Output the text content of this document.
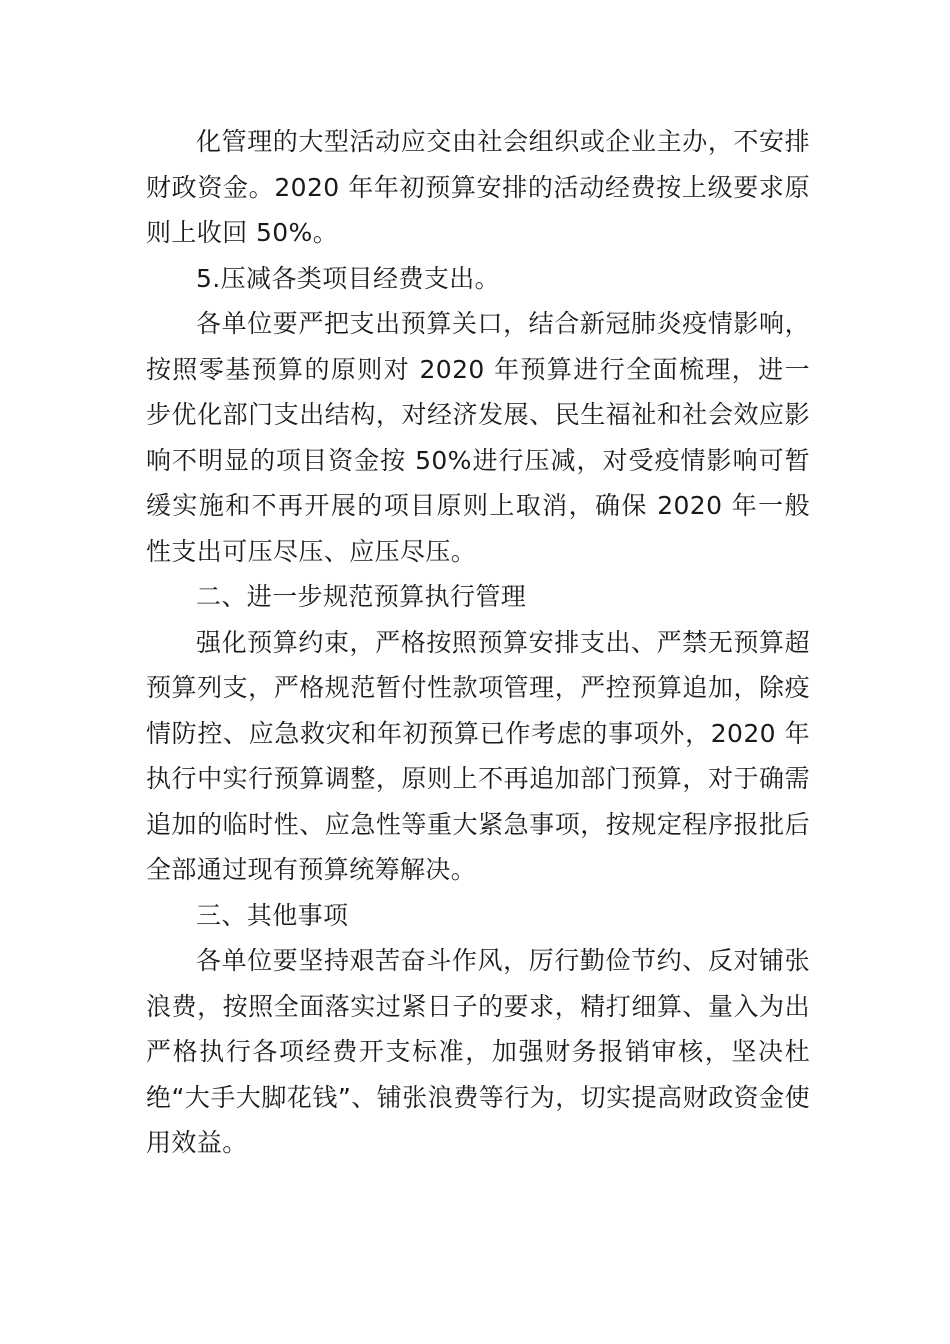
化管理的大型活动应交由社会组织或企业主办，不安排财政资金。2020 年年初预算安排的活动经费按上级要求原则上收回 50%。

5.压减各类项目经费支出。

各单位要严把支出预算关口，结合新冠肺炎疫情影响，按照零基预算的原则对 2020 年预算进行全面梳理，进一步优化部门支出结构，对经济发展、民生福祉和社会效应影响不明显的项目资金按 50%进行压减，对受疫情影响可暂缓实施和不再开展的项目原则上取消，确保 2020 年一般性支出可压尽压、应压尽压。

二、进一步规范预算执行管理

强化预算约束，严格按照预算安排支出、严禁无预算超预算列支，严格规范暂付性款项管理，严控预算追加，除疫情防控、应急救灾和年初预算已作考虑的事项外，2020 年执行中实行预算调整，原则上不再追加部门预算，对于确需追加的临时性、应急性等重大紧急事项，按规定程序报批后全部通过现有预算统筹解决。

三、其他事项

各单位要坚持艰苦奋斗作风，厉行勤俭节约、反对铺张浪费，按照全面落实过紧日子的要求，精打细算、量入为出严格执行各项经费开支标准，加强财务报销审核，坚决杜绝“大手大脚花钱”、铺张浪费等行为，切实提高财政资金使用效益。
